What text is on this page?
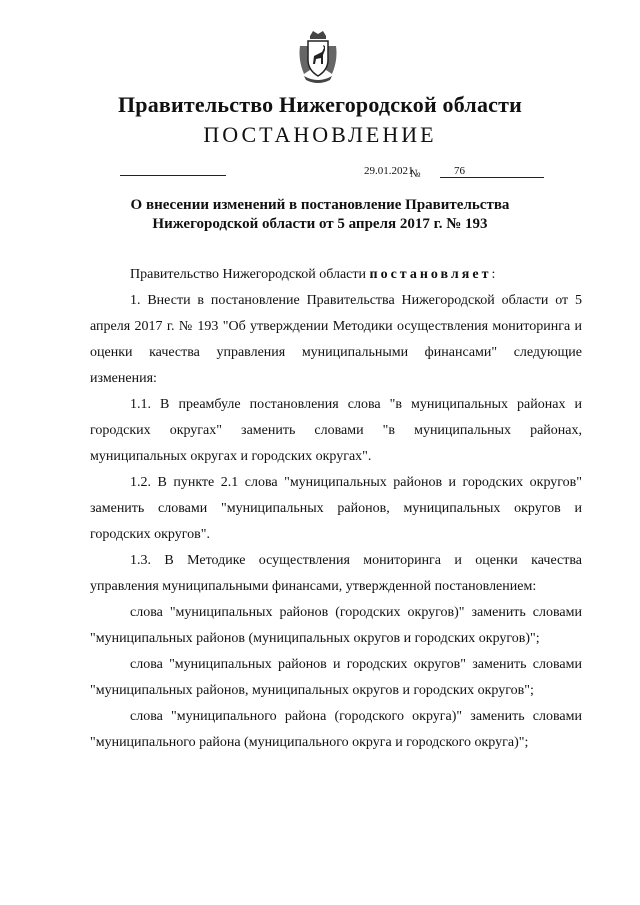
Правительство Нижегородской области
ПОСТАНОВЛЕНИЕ
29.01.2021
№	76
О внесении изменений в постановление Правительства
Нижегородской области от 5 апреля 2017 г. № 193

Правительство Нижегородской области постановляет:

1. Внести в постановление Правительства Нижегородской области от 5 апреля 2017 г. № 193 "Об утверждении Методики осуществления мониторинга и оценки качества управления муниципальными финансами" следующие изменения:

1.1. В преамбуле постановления слова "в муниципальных районах и городских округах" заменить словами "в муниципальных районах, муниципальных округах и городских округах".

1.2. В пункте 2.1 слова "муниципальных районов и городских округов" заменить словами "муниципальных районов, муниципальных округов и городских округов".

1.3. В Методике осуществления мониторинга и оценки качества управления муниципальными финансами, утвержденной постановлением:

слова "муниципальных районов (городских округов)" заменить словами "муниципальных районов (муниципальных округов и городских округов)";

слова "муниципальных районов и городских округов" заменить словами "муниципальных районов, муниципальных округов и городских округов";

слова "муниципального района (городского округа)" заменить словами "муниципального района (муниципального округа и городского округа)";
